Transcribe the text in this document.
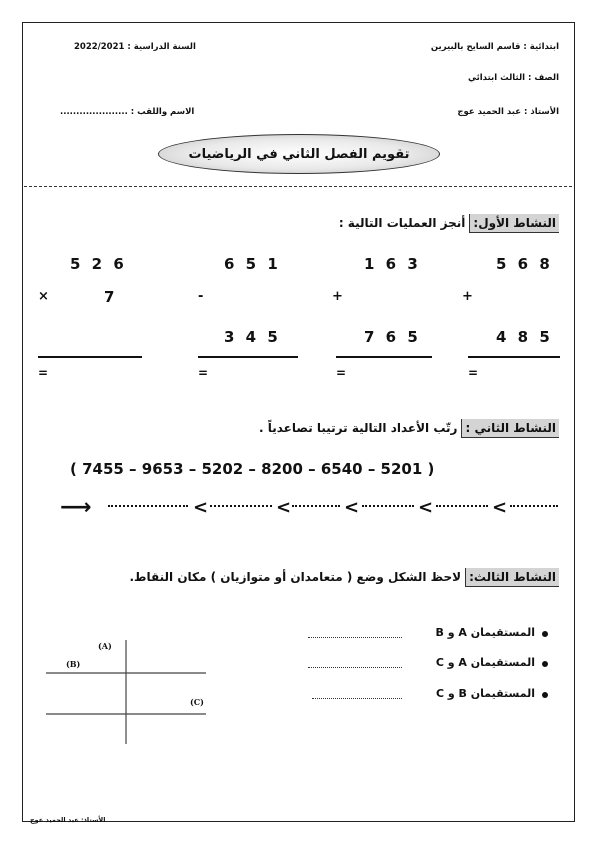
ابتدائية : قاسم السايح بالبيرين
الصف : الثالث ابتدائي
الأستاذ : عبد الحميد عوج
السنة الدراسية : 2022/2021
الاسم واللقب : .....................
تقويم الفصل الثاني في الرياضيات
النشاط الأول:
أنجز العمليات التالية :
5 6 8
+
4 8 5
=
1 6 3
+
7 6 5
=
6 5 1
-
3 4 5
=
5 2 6
×	7
=
النشاط الثاني :
رتّب الأعداد التالية ترتيبا تصاعدياً .
( 7455 – 9653 – 5202 – 8200 – 6540 – 5201 )
⟶	<	<	<	<	<
النشاط الثالث:
لاحظ الشكل وضع ( متعامدان أو متوازيان ) مكان النقاط.
المستقيمان A و B
المستقيمان A و C
المستقيمان B و C
(A)
(B)
(C)
الأستاذ: عبد الحميد عوج
